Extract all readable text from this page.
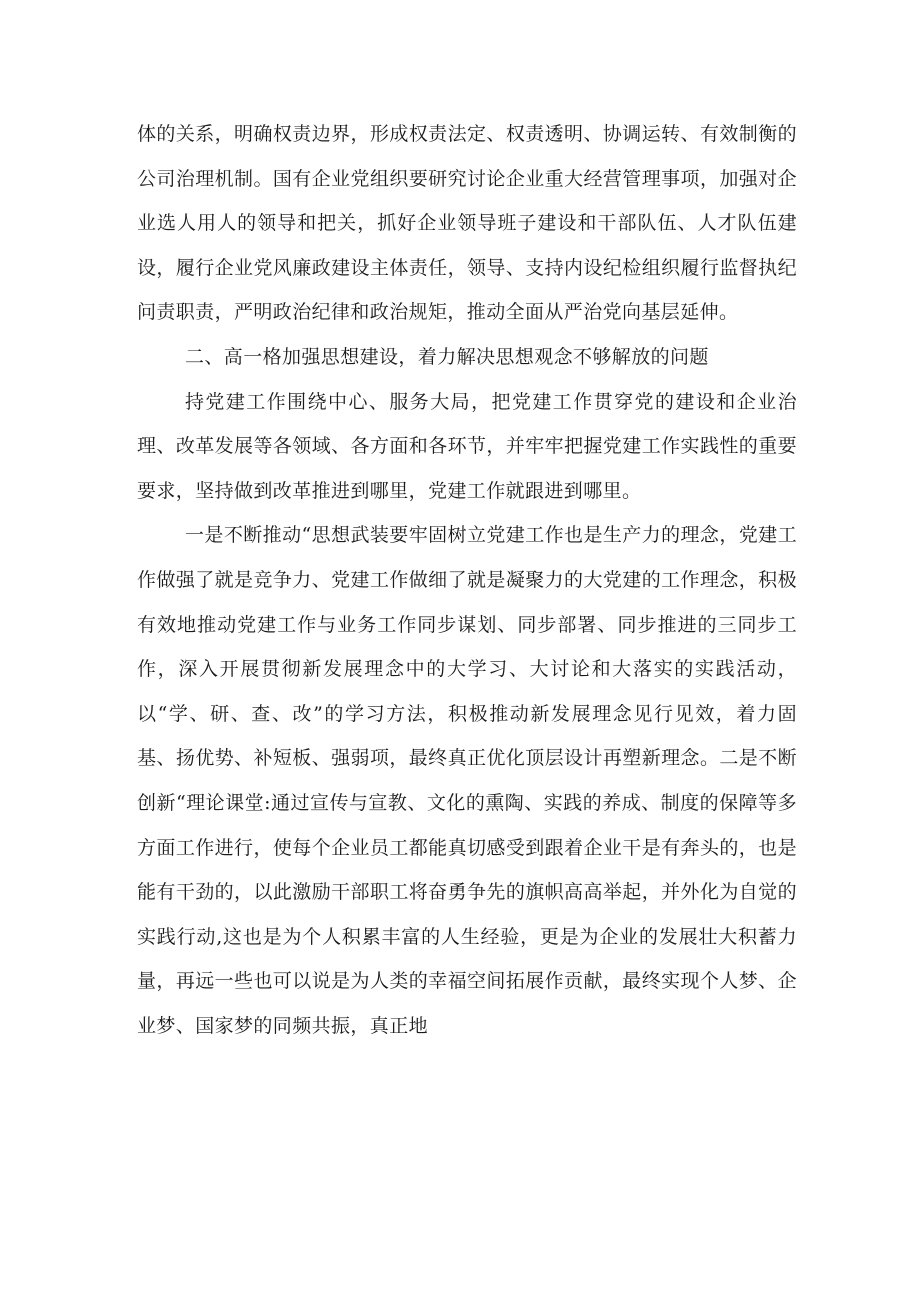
体的关系，明确权责边界，形成权责法定、权责透明、协调运转、有效制衡的公司治理机制。国有企业党组织要研究讨论企业重大经营管理事项，加强对企业选人用人的领导和把关，抓好企业领导班子建设和干部队伍、人才队伍建设，履行企业党风廉政建设主体责任，领导、支持内设纪检组织履行监督执纪问责职责，严明政治纪律和政治规矩，推动全面从严治党向基层延伸。

二、高一格加强思想建设，着力解决思想观念不够解放的问题

持党建工作围绕中心、服务大局，把党建工作贯穿党的建设和企业治理、改革发展等各领域、各方面和各环节，并牢牢把握党建工作实践性的重要要求，坚持做到改革推进到哪里，党建工作就跟进到哪里。

一是不断推动“思想武装要牢固树立党建工作也是生产力的理念，党建工作做强了就是竞争力、党建工作做细了就是凝聚力的大党建的工作理念，积极有效地推动党建工作与业务工作同步谋划、同步部署、同步推进的三同步工作，深入开展贯彻新发展理念中的大学习、大讨论和大落实的实践活动，以“学、研、查、改”的学习方法，积极推动新发展理念见行见效，着力固基、扬优势、补短板、强弱项，最终真正优化顶层设计再塑新理念。二是不断创新“理论课堂:通过宣传与宣教、文化的熏陶、实践的养成、制度的保障等多方面工作进行，使每个企业员工都能真切感受到跟着企业干是有奔头的，也是能有干劲的，以此激励干部职工将奋勇争先的旗帜高高举起，并外化为自觉的实践行动,这也是为个人积累丰富的人生经验，更是为企业的发展壮大积蓄力量，再远一些也可以说是为人类的幸福空间拓展作贡献，最终实现个人梦、企业梦、国家梦的同频共振，真正地
